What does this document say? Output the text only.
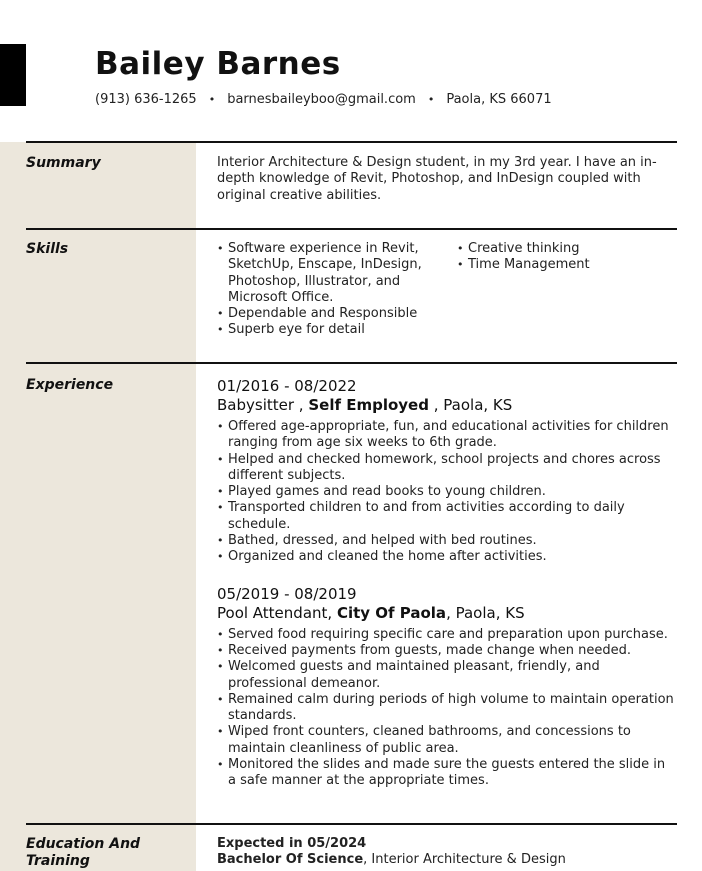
Bailey Barnes
(913) 636-1265 • barnesbaileyboo@gmail.com • Paola, KS 66071
Summary	Interior Architecture & Design student, in my 3rd year. I have an in-depth knowledge of Revit, Photoshop, and InDesign coupled with original creative abilities.

Skills
•	Software experience in Revit, SketchUp, Enscape, InDesign, Photoshop, Illustrator, and Microsoft Office.
• Dependable and Responsible
• Superb eye for detail
• Creative thinking
• Time Management
Experience	01/2016 - 08/2022
Babysitter , Self Employed , Paola, KS
• Offered age-appropriate, fun, and educational activities for children ranging from age six weeks to 6th grade.
• Helped and checked homework, school projects and chores across different subjects.
• Played games and read books to young children.
• Transported children to and from activities according to daily schedule.
• Bathed, dressed, and helped with bed routines.
• Organized and cleaned the home after activities.
05/2019 - 08/2019
Pool Attendant, City Of Paola, Paola, KS
• Served food requiring specific care and preparation upon purchase.
• Received payments from guests, made change when needed.
• Welcomed guests and maintained pleasant, friendly, and professional demeanor.
• Remained calm during periods of high volume to maintain operation standards.
• Wiped front counters, cleaned bathrooms, and concessions to maintain cleanliness of public area.
• Monitored the slides and made sure the guests entered the slide in a safe manner at the appropriate times.
Education And Training
Expected in 05/2024
Bachelor Of Science, Interior Architecture & Design
